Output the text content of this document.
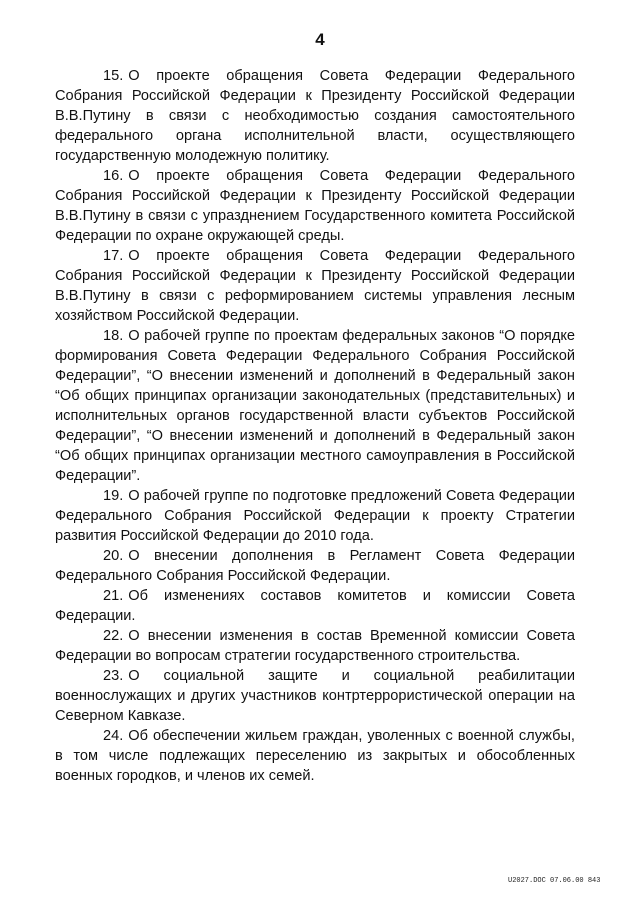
4

15. О проекте обращения Совета Федерации Федерального Собрания Российской Федерации к Президенту Российской Федерации В.В.Путину в связи с необходимостью создания самостоятельного федерального органа исполнительной власти, осуществляющего государственную молодежную политику.

16. О проекте обращения Совета Федерации Федерального Собрания Российской Федерации к Президенту Российской Федерации В.В.Путину в связи с упразднением Государственного комитета Российской Федерации по охране окружающей среды.

17. О проекте обращения Совета Федерации Федерального Собрания Российской Федерации к Президенту Российской Федерации В.В.Путину в связи с реформированием системы управления лесным хозяйством Российской Федерации.

18. О рабочей группе по проектам федеральных законов “О порядке формирования Совета Федерации Федерального Собрания Российской Федерации”, “О внесении изменений и дополнений в Федеральный закон “Об общих принципах организации законодательных (представительных) и исполнительных органов государственной власти субъектов Российской Федерации”, “О внесении изменений и дополнений в Федеральный закон “Об общих принципах организации местного самоуправления в Российской Федерации”.

19. О рабочей группе по подготовке предложений Совета Федерации Федерального Собрания Российской Федерации к проекту Стратегии развития Российской Федерации до 2010 года.

20. О внесении дополнения в Регламент Совета Федерации Федерального Собрания Российской Федерации.

21. Об изменениях составов комитетов и комиссии Совета Федерации.

22. О внесении изменения в состав Временной комиссии Совета Федерации во вопросам стратегии государственного строительства.

23. О социальной защите и социальной реабилитации военнослужащих и других участников контртеррористической операции на Северном Кавказе.

24. Об обеспечении жильем граждан, уволенных с военной службы, в том числе подлежащих переселению из закрытых и обособленных военных городков, и членов их семей.

U2027.DOC 07.06.00 843
